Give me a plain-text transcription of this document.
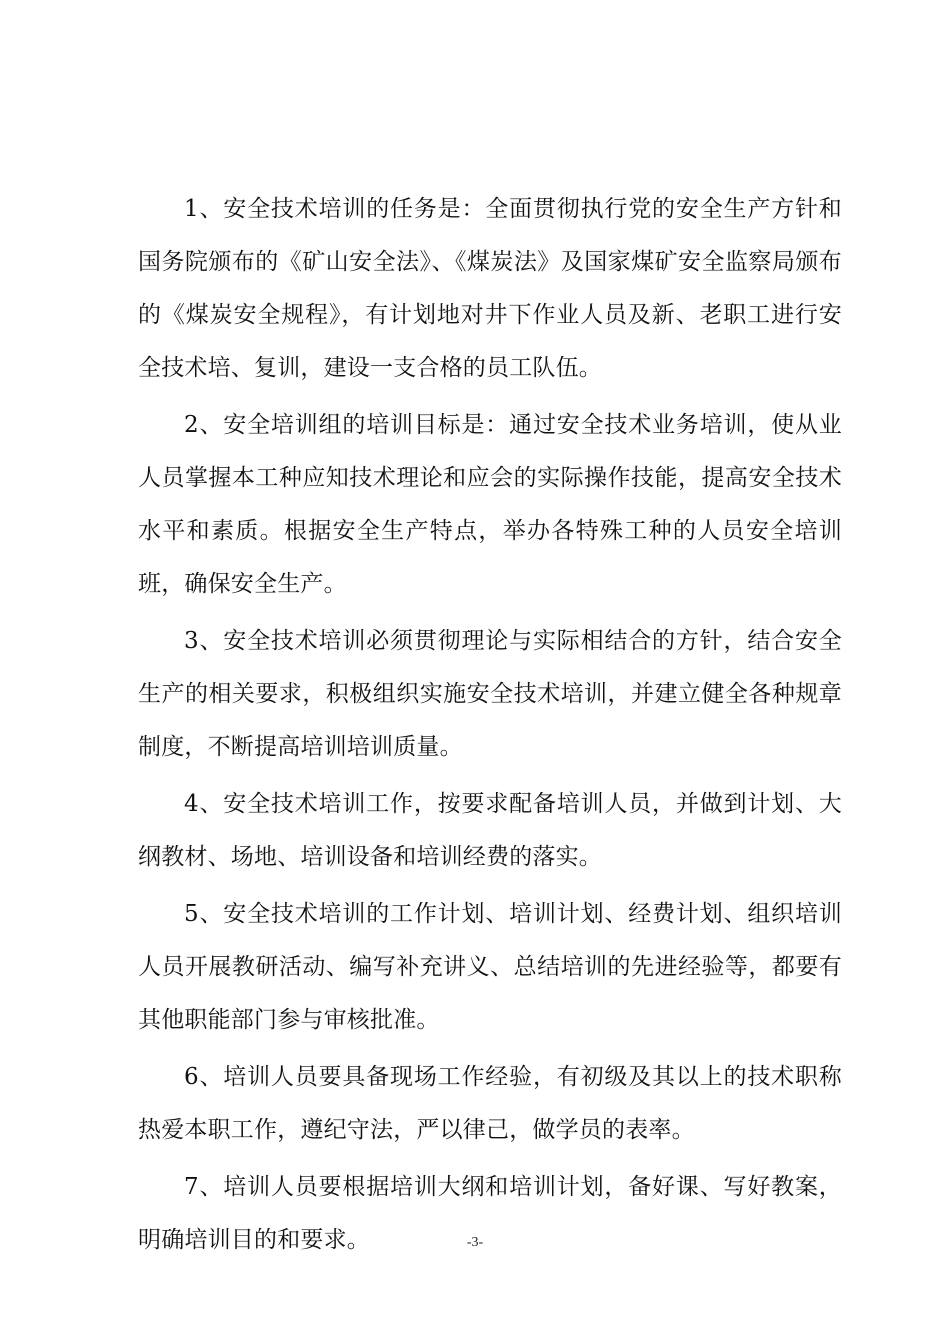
1、安全技术培训的任务是：全面贯彻执行党的安全生产方针和国务院颁布的《矿山安全法》、《煤炭法》及国家煤矿安全监察局颁布的《煤炭安全规程》，有计划地对井下作业人员及新、老职工进行安全技术培、复训，建设一支合格的员工队伍。

2、安全培训组的培训目标是：通过安全技术业务培训，使从业人员掌握本工种应知技术理论和应会的实际操作技能，提高安全技术水平和素质。根据安全生产特点，举办各特殊工种的人员安全培训班，确保安全生产。

3、安全技术培训必须贯彻理论与实际相结合的方针，结合安全生产的相关要求，积极组织实施安全技术培训，并建立健全各种规章制度，不断提高培训培训质量。

4、安全技术培训工作，按要求配备培训人员，并做到计划、大纲教材、场地、培训设备和培训经费的落实。

5、安全技术培训的工作计划、培训计划、经费计划、组织培训人员开展教研活动、编写补充讲义、总结培训的先进经验等，都要有其他职能部门参与审核批准。

6、培训人员要具备现场工作经验，有初级及其以上的技术职称热爱本职工作，遵纪守法，严以律己，做学员的表率。

7、培训人员要根据培训大纲和培训计划，备好课、写好教案，明确培训目的和要求。	-3-
